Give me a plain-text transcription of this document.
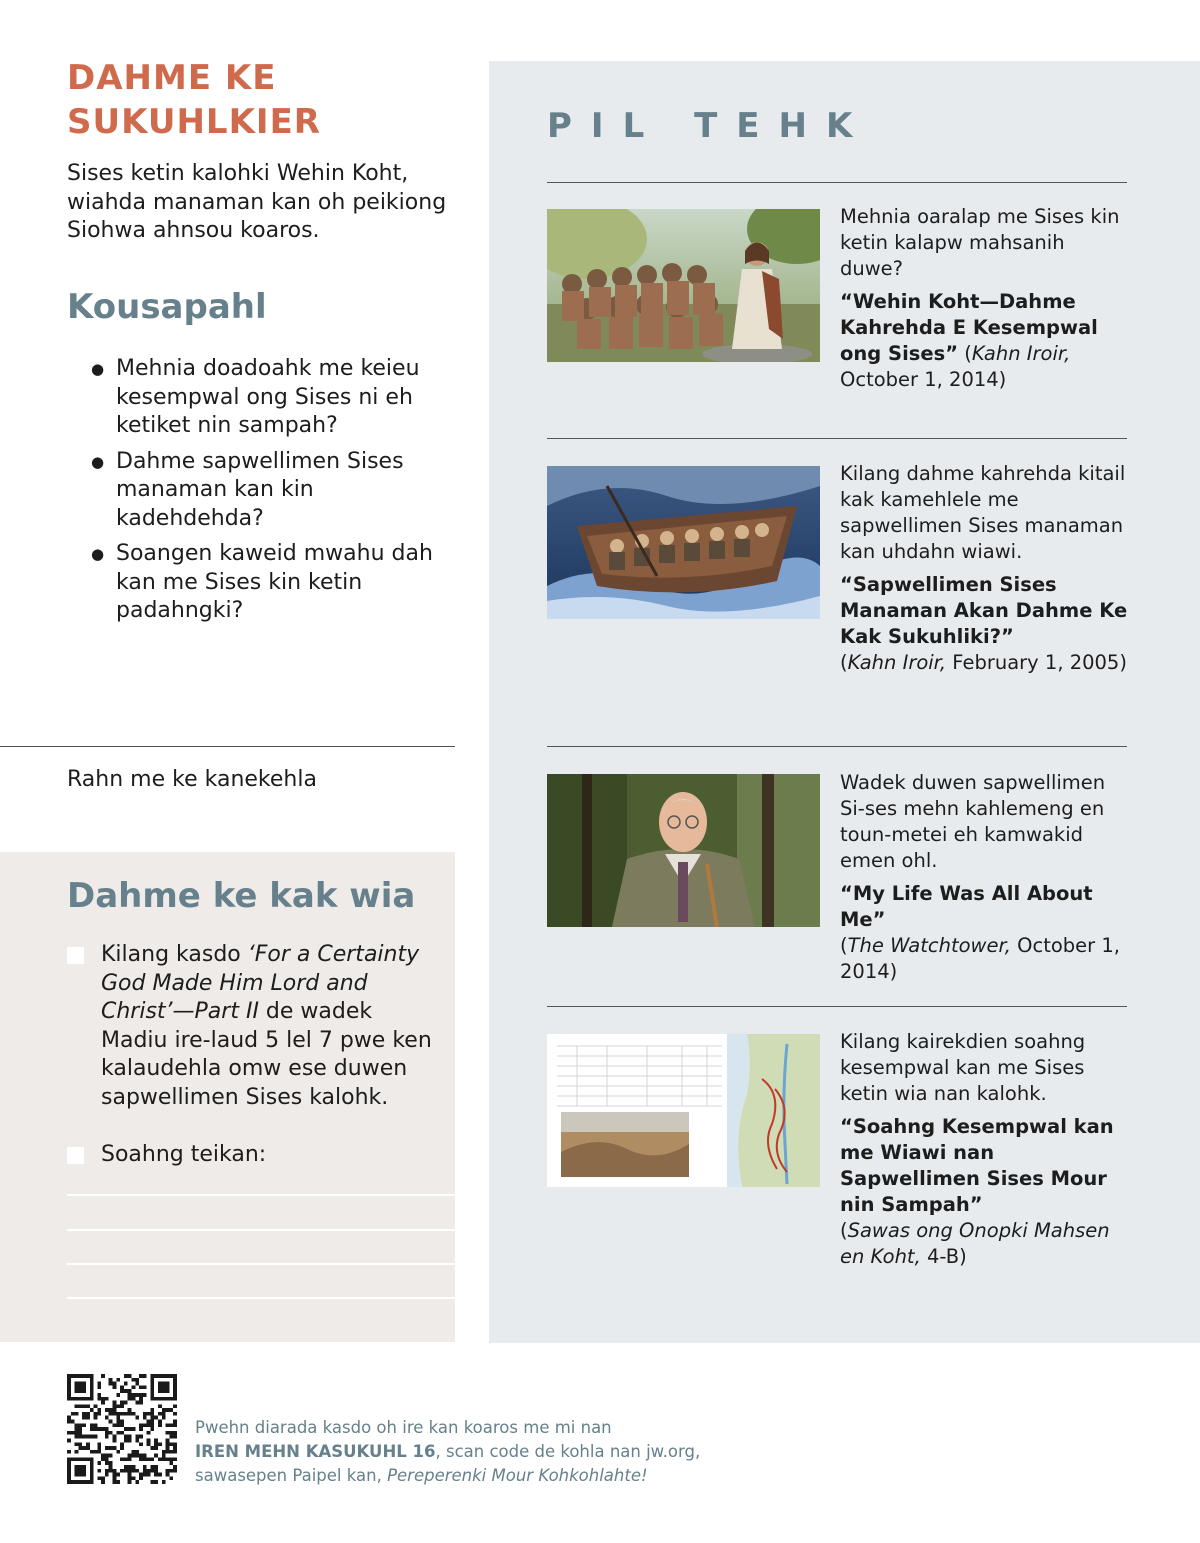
DAHME KE SUKUHLKIER

Sises ketin kalohki Wehin Koht, wiahda manaman kan oh peikiong Siohwa ahnsou koaros.

Kousapahl
● Mehnia doadoahk me keieu kesempwal ong Sises ni eh ketiket nin sampah?
● Dahme sapwellimen Sises manaman kan kin kadehdehda?
● Soangen kaweid mwahu dah kan me Sises kin ketin padahngki?
Rahn me ke kanekehla
Dahme ke kak wia
Kilang kasdo ‘For a Certainty God Made Him Lord and Christ’—Part II de wadek Madiu ire-laud 5 lel 7 pwe ken kalaudehla omw ese duwen sapwellimen Sises kalohk.
Soahng teikan:
PIL TEHK

Mehnia oaralap me Sises kin ketin kalapw mahsanih duwe?

“Wehin Koht—Dahme Kahrehda E Kesempwal ong Sises” (Kahn Iroir, October 1, 2014)

Kilang dahme kahrehda kitail kak kamehlele me sapwellimen Sises manaman kan uhdahn wiawi.

“Sapwellimen Sises Manaman Akan Dahme Ke Kak Sukuhliki?”

(Kahn Iroir, February 1, 2005)

Wadek duwen sapwellimen Si-ses mehn kahlemeng en toun-metei eh kamwakid emen ohl.

“My Life Was All About Me”

(The Watchtower, October 1, 2014)

Kilang kairekdien soahng kesempwal kan me Sises ketin wia nan kalohk.

“Soahng Kesempwal kan me Wiawi nan Sapwellimen Sises Mour nin Sampah”

(Sawas ong Onopki Mahsen en Koht, 4-B)

Pwehn diarada kasdo oh ire kan koaros me mi nan
IREN MEHN KASUKUHL 16, scan code de kohla nan jw.org,
sawasepen Paipel kan, Pereperenki Mour Kohkohlahte!
